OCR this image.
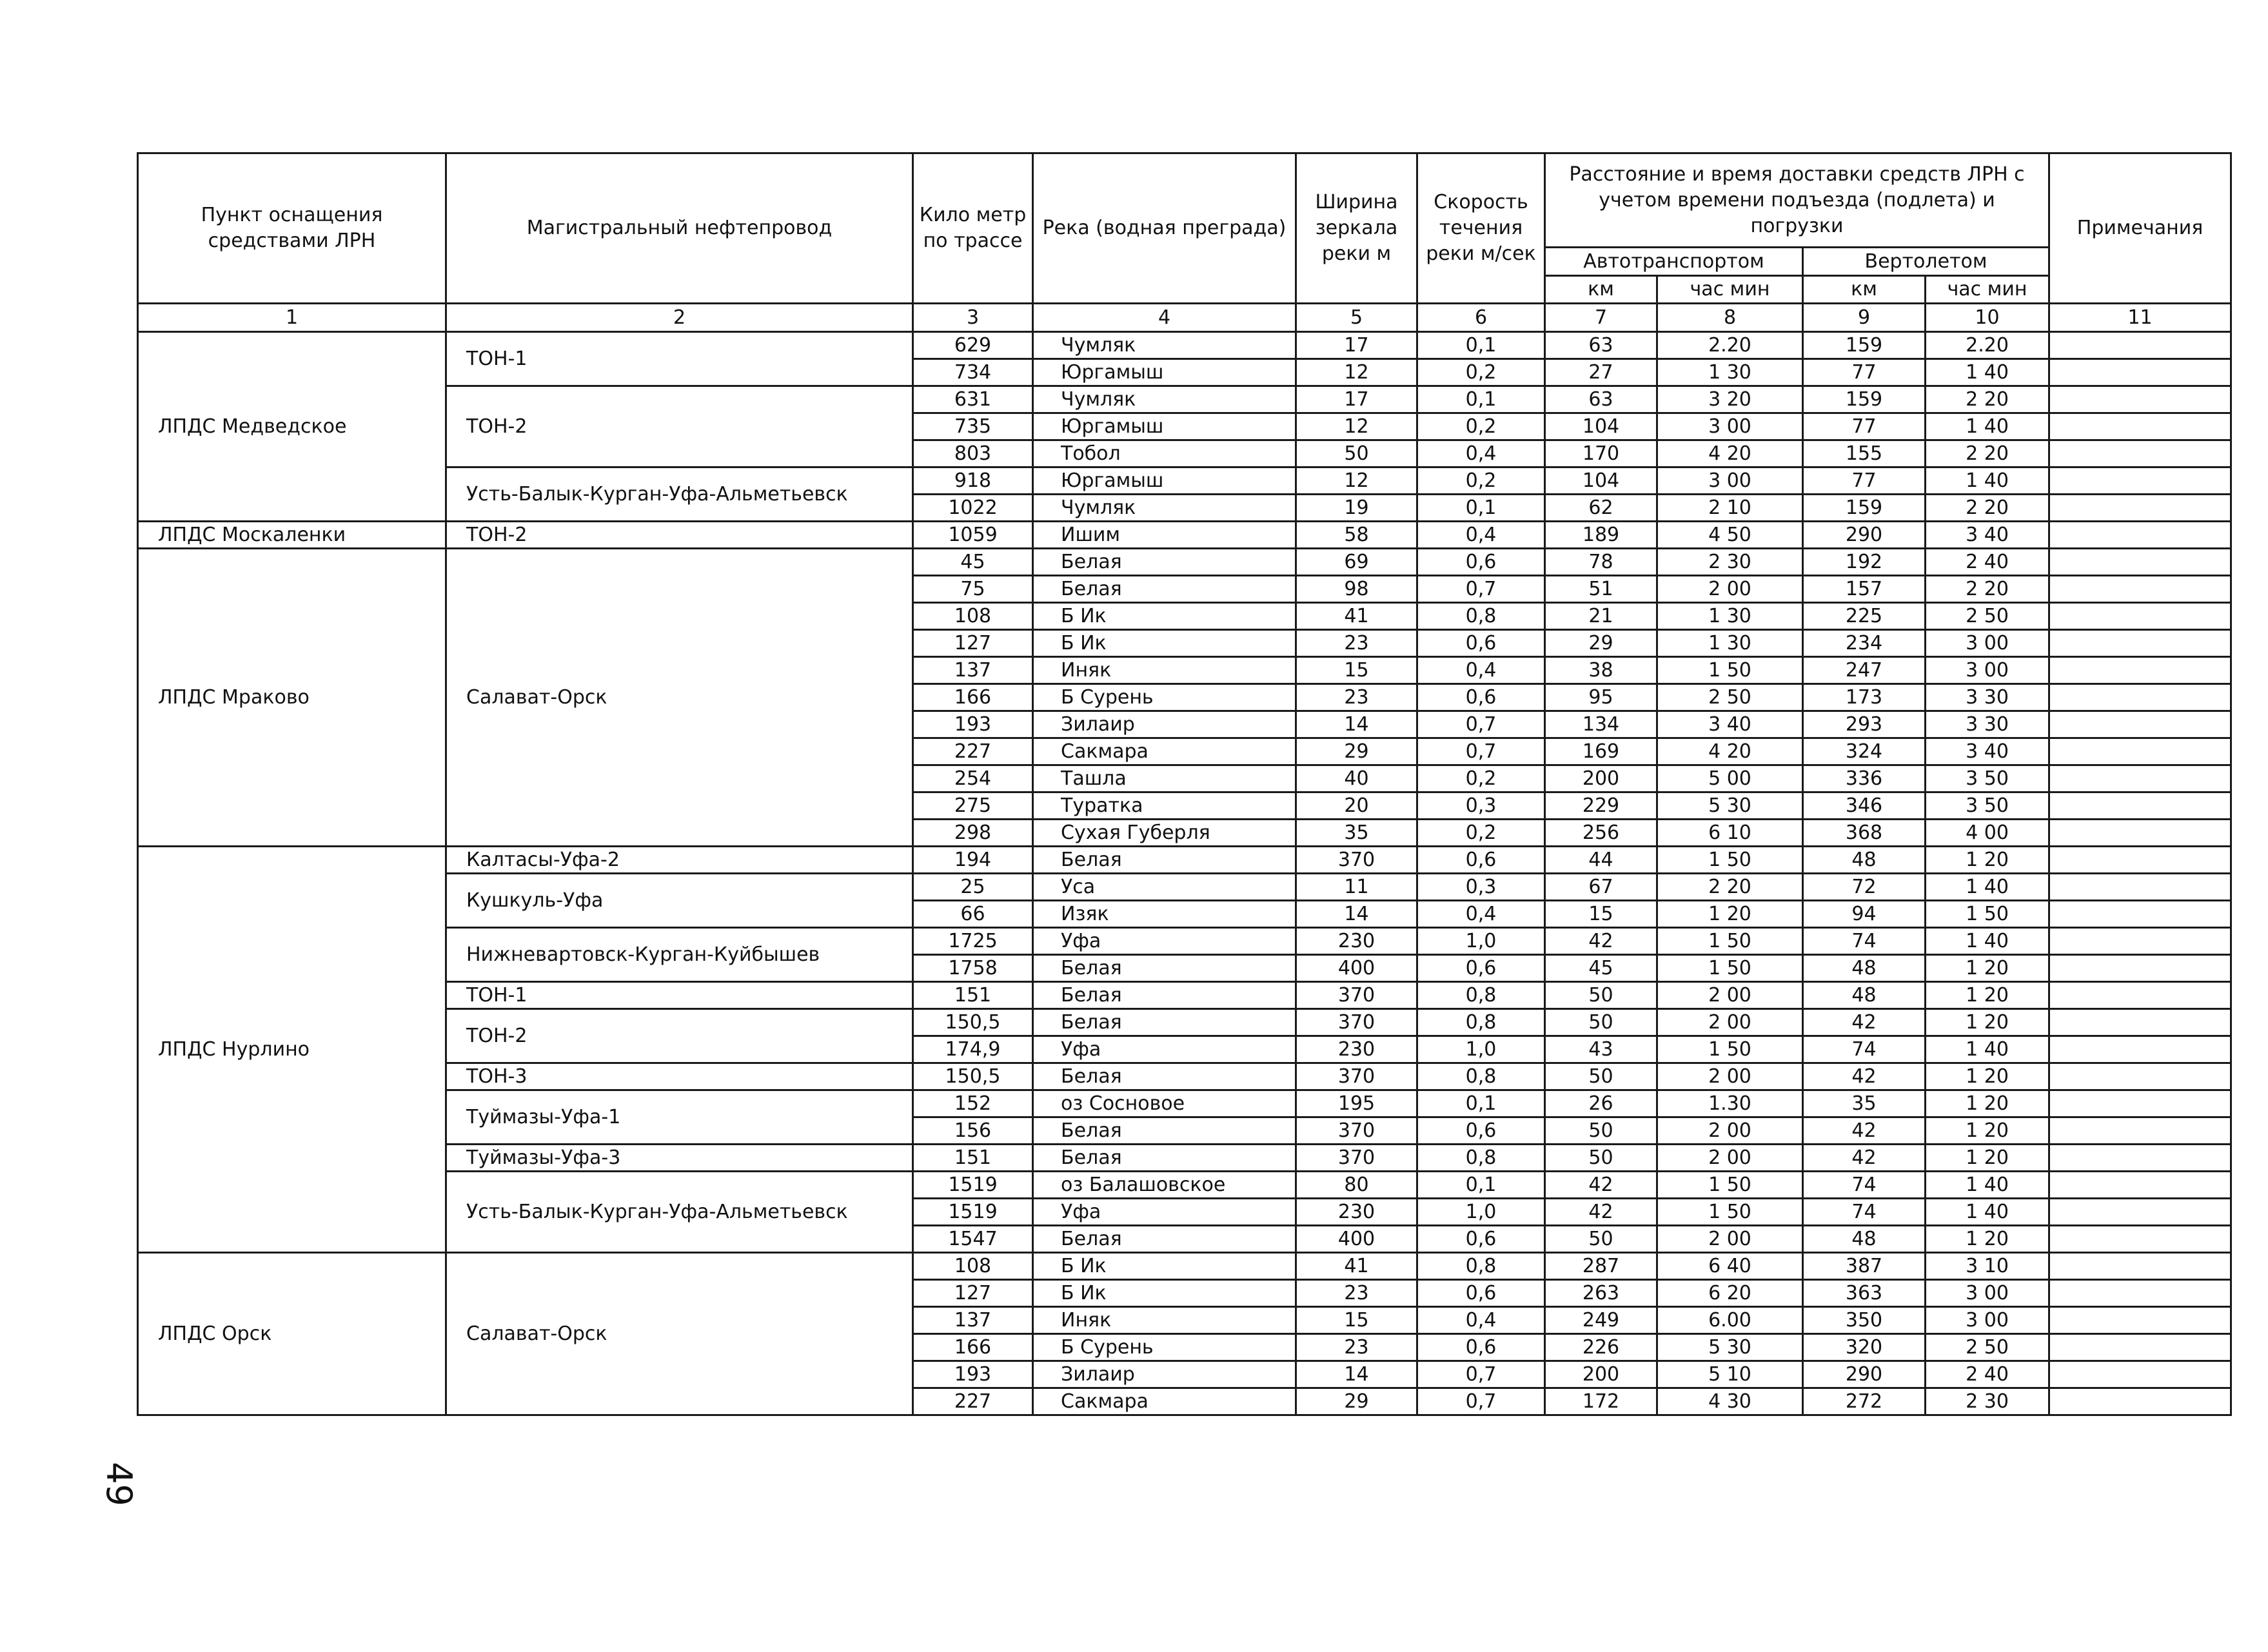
Пункт оснащения средствами ЛРН	Магистральный нефтепровод	Кило метр по трассе	Река (водная преграда)	Ширина зеркала реки м	Скорость течения реки м/сек	Расстояние и время доставки средств ЛРН с учетом времени подъезда (подлета) и погрузки				Примечания
						Автотранспортом		Вертолетом		
						км	час мин	км	час мин	
1	2	3	4	5	6	7	8	9	10	11
ЛПДС Медведское	ТОН-1	629	Чумляк	17	0,1	63	2.20	159	2.20	
		734	Юргамыш	12	0,2	27	1 30	77	1 40	
	ТОН-2	631	Чумляк	17	0,1	63	3 20	159	2 20	
		735	Юргамыш	12	0,2	104	3 00	77	1 40	
		803	Тобол	50	0,4	170	4 20	155	2 20	
	Усть-Балык-Курган-Уфа-Альметьевск	918	Юргамыш	12	0,2	104	3 00	77	1 40	
		1022	Чумляк	19	0,1	62	2 10	159	2 20	
ЛПДС Москаленки	ТОН-2	1059	Ишим	58	0,4	189	4 50	290	3 40	
ЛПДС Мраково	Салават-Орск	45	Белая	69	0,6	78	2 30	192	2 40	
		75	Белая	98	0,7	51	2 00	157	2 20	
		108	Б Ик	41	0,8	21	1 30	225	2 50	
		127	Б Ик	23	0,6	29	1 30	234	3 00	
		137	Иняк	15	0,4	38	1 50	247	3 00	
		166	Б Сурень	23	0,6	95	2 50	173	3 30	
		193	Зилаир	14	0,7	134	3 40	293	3 30	
		227	Сакмара	29	0,7	169	4 20	324	3 40	
		254	Ташла	40	0,2	200	5 00	336	3 50	
		275	Туратка	20	0,3	229	5 30	346	3 50	
		298	Сухая Губерля	35	0,2	256	6 10	368	4 00	
ЛПДС Нурлино	Калтасы-Уфа-2	194	Белая	370	0,6	44	1 50	48	1 20	
	Кушкуль-Уфа	25	Уса	11	0,3	67	2 20	72	1 40	
		66	Изяк	14	0,4	15	1 20	94	1 50	
	Нижневартовск-Курган-Куйбышев	1725	Уфа	230	1,0	42	1 50	74	1 40	
		1758	Белая	400	0,6	45	1 50	48	1 20	
	ТОН-1	151	Белая	370	0,8	50	2 00	48	1 20	
	ТОН-2	150,5	Белая	370	0,8	50	2 00	42	1 20	
		174,9	Уфа	230	1,0	43	1 50	74	1 40	
	ТОН-3	150,5	Белая	370	0,8	50	2 00	42	1 20	
	Туймазы-Уфа-1	152	оз Сосновое	195	0,1	26	1.30	35	1 20	
		156	Белая	370	0,6	50	2 00	42	1 20	
	Туймазы-Уфа-3	151	Белая	370	0,8	50	2 00	42	1 20	
	Усть-Балык-Курган-Уфа-Альметьевск	1519	оз Балашовское	80	0,1	42	1 50	74	1 40	
		1519	Уфа	230	1,0	42	1 50	74	1 40	
		1547	Белая	400	0,6	50	2 00	48	1 20	
ЛПДС Орск	Салават-Орск	108	Б Ик	41	0,8	287	6 40	387	3 10	
		127	Б Ик	23	0,6	263	6 20	363	3 00	
		137	Иняк	15	0,4	249	6.00	350	3 00	
		166	Б Сурень	23	0,6	226	5 30	320	2 50	
		193	Зилаир	14	0,7	200	5 10	290	2 40	
		227	Сакмара	29	0,7	172	4 30	272	2 30	
49
